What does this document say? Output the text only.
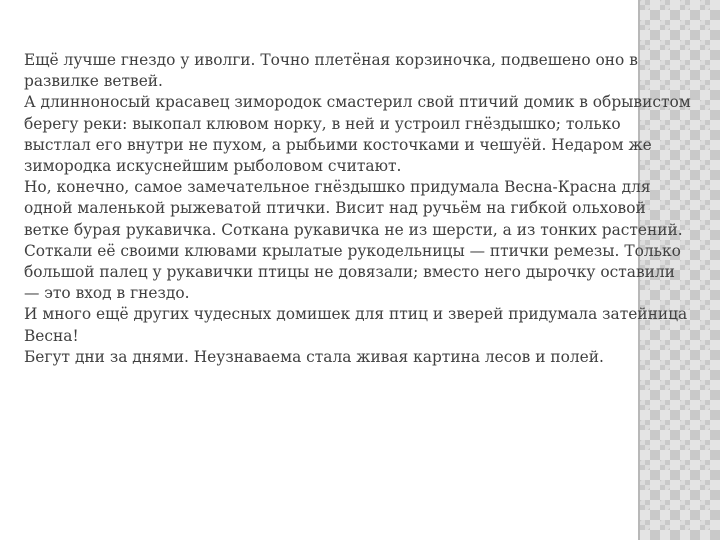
Ещё лучше гнездо у иволги. Точно плетёная корзиночка, подвешено оно в развилке ветвей.

А длинноносый красавец зимородок смастерил свой птичий домик в обрывистом берегу реки: выкопал клювом норку, в ней и устроил гнёздышко; только выстлал его внутри не пухом, а рыбьими косточками и чешуёй. Недаром же зимородка искуснейшим рыболовом считают.

Но, конечно, самое замечательное гнёздышко придумала Весна-Красна для одной маленькой рыжеватой птички. Висит над ручьём на гибкой ольховой ветке бурая рукавичка. Соткана рукавичка не из шерсти, а из тонких растений. Соткали её своими клювами крылатые рукодельницы — птички ремезы. Только большой палец у рукавички птицы не довязали; вместо него дырочку оставили — это вход в гнездо.

И много ещё других чудесных домишек для птиц и зверей придумала затейница Весна!

Бегут дни за днями. Неузнаваема стала живая картина лесов и полей.
